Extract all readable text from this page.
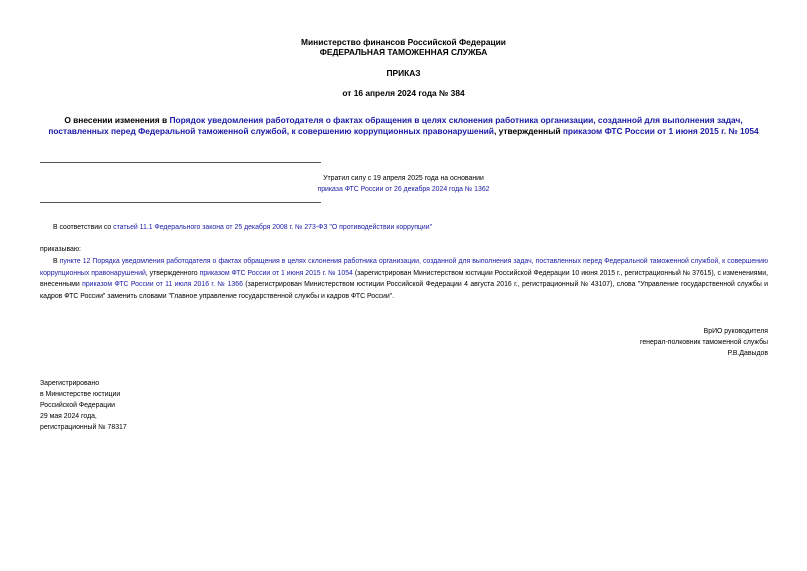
Министерство финансов Российской Федерации
ФЕДЕРАЛЬНАЯ ТАМОЖЕННАЯ СЛУЖБА
ПРИКАЗ
от 16 апреля 2024 года № 384
О внесении изменения в Порядок уведомления работодателя о фактах обращения в целях склонения работника организации, созданной для выполнения задач, поставленных перед Федеральной таможенной службой, к совершению коррупционных правонарушений, утвержденный приказом ФТС России от 1 июня 2015 г. № 1054
Утратил силу с 19 апреля 2025 года на основании
приказа ФТС России от 26 декабря 2024 года № 1362
В соответствии со статьей 11.1 Федерального закона от 25 декабря 2008 г. № 273-ФЗ "О противодействии коррупции"
приказываю:
В пункте 12 Порядка уведомления работодателя о фактах обращения в целях склонения работника организации, созданной для выполнения задач, поставленных перед Федеральной таможенной службой, к совершению коррупционных правонарушений, утвержденного приказом ФТС России от 1 июня 2015 г. № 1054 (зарегистрирован Министерством юстиции Российской Федерации 10 июня 2015 г., регистрационный № 37615), с изменениями, внесенными приказом ФТС России от 11 июля 2016 г. № 1366 (зарегистрирован Министерством юстиции Российской Федерации 4 августа 2016 г., регистрационный № 43107), слова "Управление государственной службы и кадров ФТС России" заменить словами "Главное управление государственной службы и кадров ФТС России".
ВрИО руководителя
генерал-полковник таможенной службы
Р.В.Давыдов
Зарегистрировано
в Министерстве юстиции
Российской Федерации
29 мая 2024 года,
регистрационный № 78317
